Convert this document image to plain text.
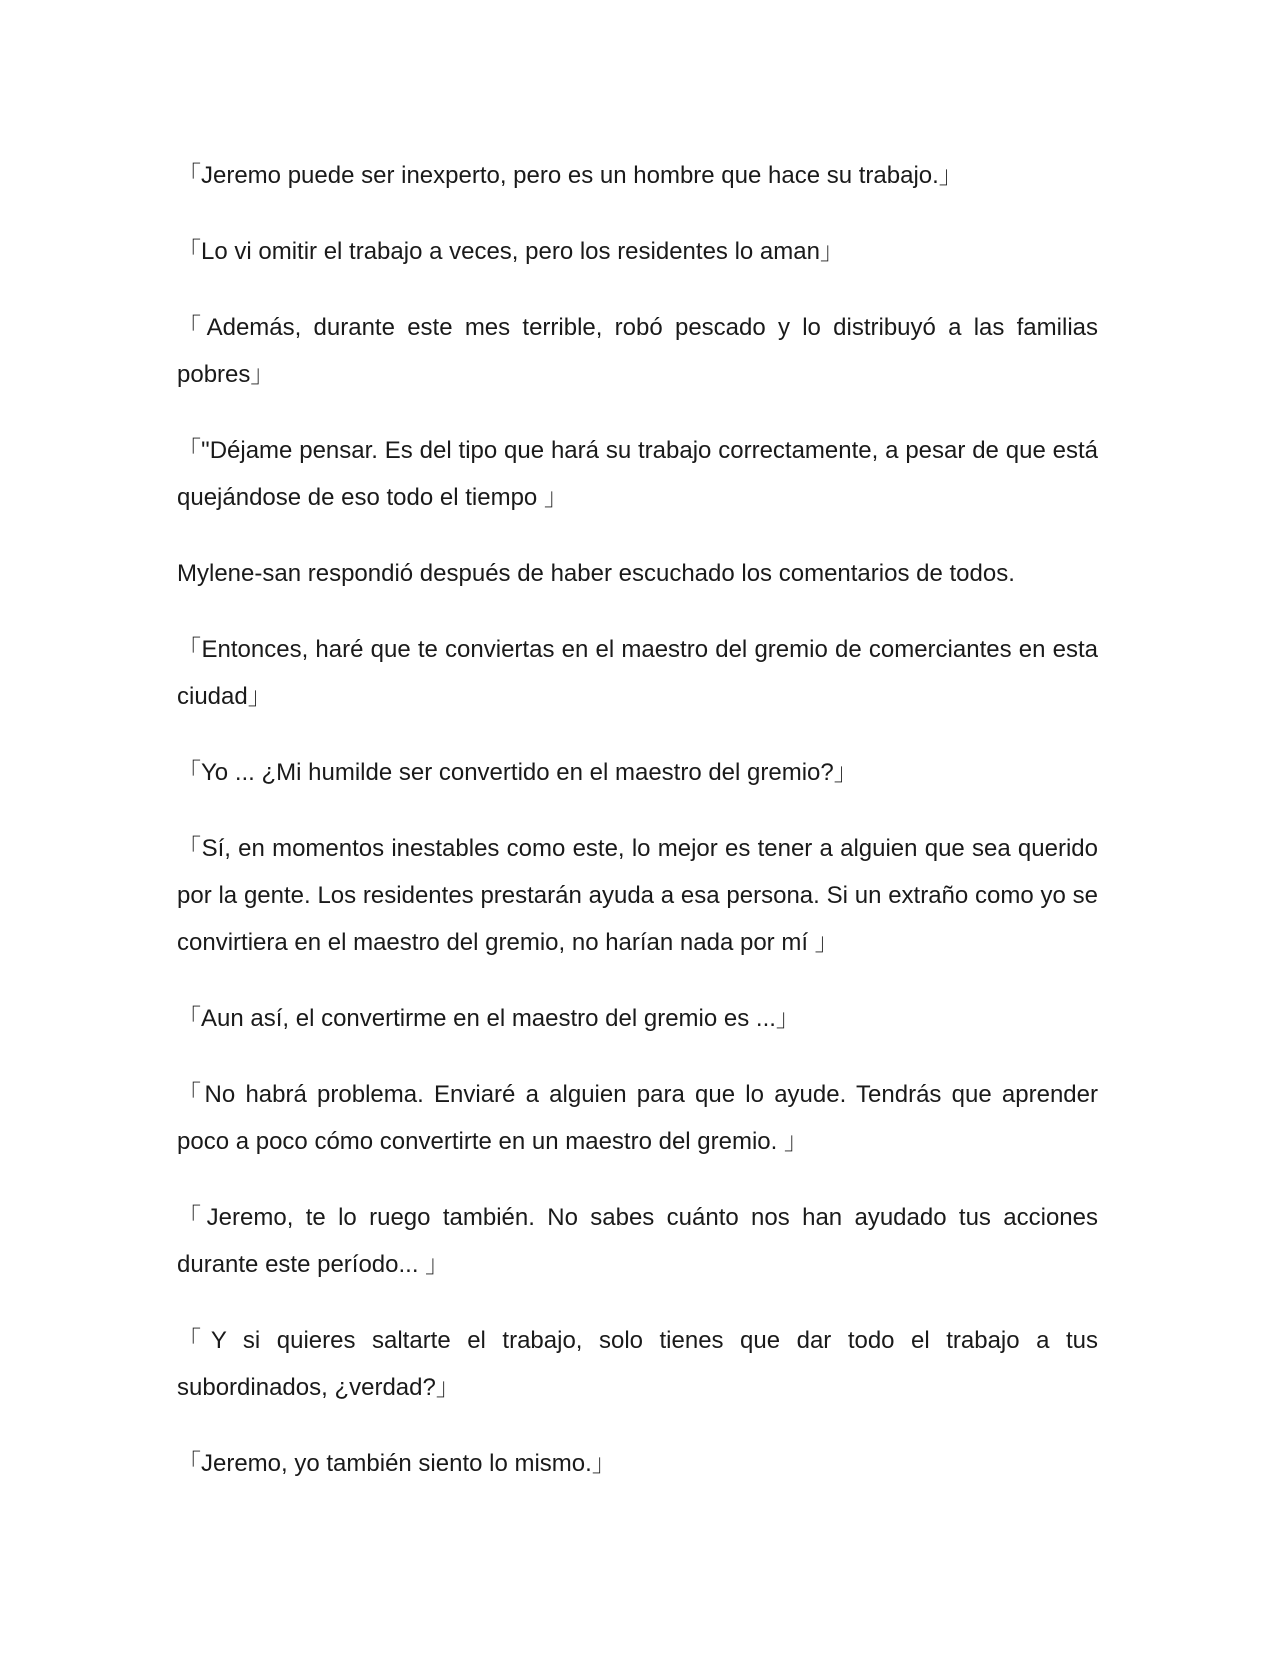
「Jeremo puede ser inexperto, pero es un hombre que hace su trabajo.」

「Lo vi omitir el trabajo a veces, pero los residentes lo aman」

「Además, durante este mes terrible, robó pescado y lo distribuyó a las familias pobres」

「"Déjame pensar. Es del tipo que hará su trabajo correctamente, a pesar de que está quejándose de eso todo el tiempo 」

Mylene-san respondió después de haber escuchado los comentarios de todos.

「Entonces, haré que te conviertas en el maestro del gremio de comerciantes en esta ciudad」

「Yo ... ¿Mi humilde ser convertido en el maestro del gremio?」

「Sí, en momentos inestables como este, lo mejor es tener a alguien que sea querido por la gente. Los residentes prestarán ayuda a esa persona. Si un extraño como yo se convirtiera en el maestro del gremio, no harían nada por mí 」

「Aun así, el convertirme en el maestro del gremio es ...」

「No habrá problema. Enviaré a alguien para que lo ayude. Tendrás que aprender poco a poco cómo convertirte en un maestro del gremio. 」

「Jeremo, te lo ruego también. No sabes cuánto nos han ayudado tus acciones durante este período... 」

「Y si quieres saltarte el trabajo, solo tienes que dar todo el trabajo a tus subordinados, ¿verdad?」

「Jeremo, yo también siento lo mismo.」
